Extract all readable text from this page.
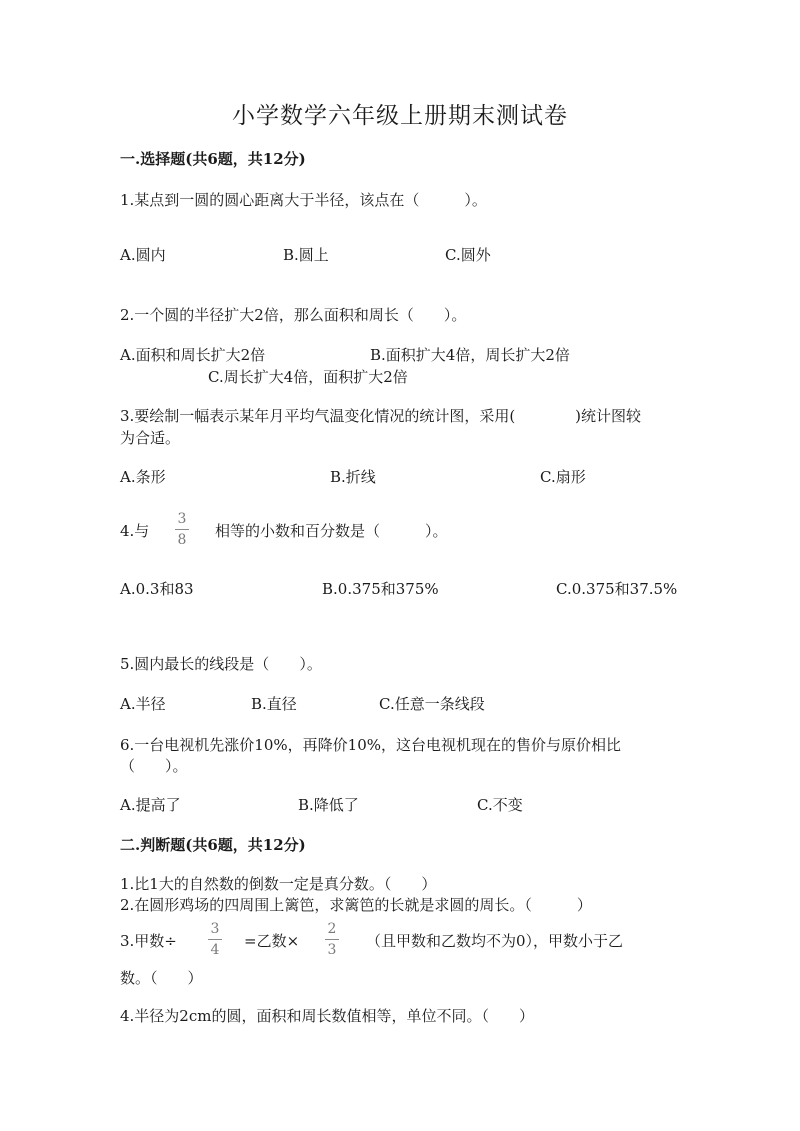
小学数学六年级上册期末测试卷
一.选择题(共6题，共12分)
1.某点到一圆的圆心距离大于半径，该点在（　　　）。
A.圆内	B.圆上	C.圆外
2.一个圆的半径扩大2倍，那么面积和周长（　　）。
A.面积和周长扩大2倍	B.面积扩大4倍，周长扩大2倍
C.周长扩大4倍，面积扩大2倍
3.要绘制一幅表示某年月平均气温变化情况的统计图，采用(　　　　)统计图较
为合适。
A.条形	B.折线	C.扇形
4.与
3
8 相等的小数和百分数是（　　　）。
A.0.3和83	B.0.375和375%	C.0.375和37.5%
5.圆内最长的线段是（　　）。
A.半径	B.直径	C.任意一条线段
6.一台电视机先涨价10%，再降价10%，这台电视机现在的售价与原价相比
（　　）。
A.提高了	B.降低了	C.不变
二.判断题(共6题，共12分)
1.比1大的自然数的倒数一定是真分数。（　　）
2.在圆形鸡场的四周围上篱笆，求篱笆的长就是求圆的周长。（　　　）
3.甲数÷
3
4 =乙数×
2
3 （且甲数和乙数均不为0），甲数小于乙
数。（　　）
4.半径为2cm的圆，面积和周长数值相等，单位不同。（　　）
